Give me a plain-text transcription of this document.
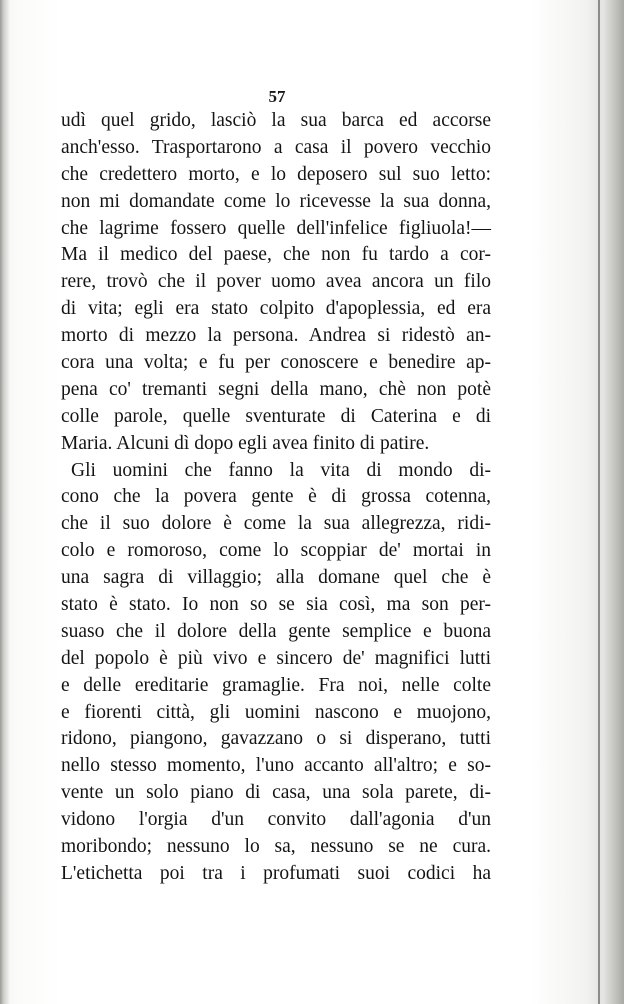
57
udì quel grido, lasciò la sua barca ed accorse
anch'esso. Trasportarono a casa il povero vecchio
che credettero morto, e lo deposero sul suo letto:
non mi domandate come lo ricevesse la sua donna,
che lagrime fossero quelle dell'infelice figliuola!—
Ma il medico del paese, che non fu tardo a cor-
rere, trovò che il pover uomo avea ancora un filo
di vita; egli era stato colpito d'apoplessia, ed era
morto di mezzo la persona. Andrea si ridestò an-
cora una volta; e fu per conoscere e benedire ap-
pena co' tremanti segni della mano, chè non potè
colle parole, quelle sventurate di Caterina e di
Maria. Alcuni dì dopo egli avea finito di patire.
Gli uomini che fanno la vita di mondo di-
cono che la povera gente è di grossa cotenna,
che il suo dolore è come la sua allegrezza, ridi-
colo e romoroso, come lo scoppiar de' mortai in
una sagra di villaggio; alla domane quel che è
stato è stato. Io non so se sia così, ma son per-
suaso che il dolore della gente semplice e buona
del popolo è più vivo e sincero de' magnifici lutti
e delle ereditarie gramaglie. Fra noi, nelle colte
e fiorenti città, gli uomini nascono e muojono,
ridono, piangono, gavazzano o si disperano, tutti
nello stesso momento, l'uno accanto all'altro; e so-
vente un solo piano di casa, una sola parete, di-
vidono l'orgia d'un convito dall'agonia d'un
moribondo; nessuno lo sa, nessuno se ne cura.
L'etichetta poi tra i profumati suoi codici ha
